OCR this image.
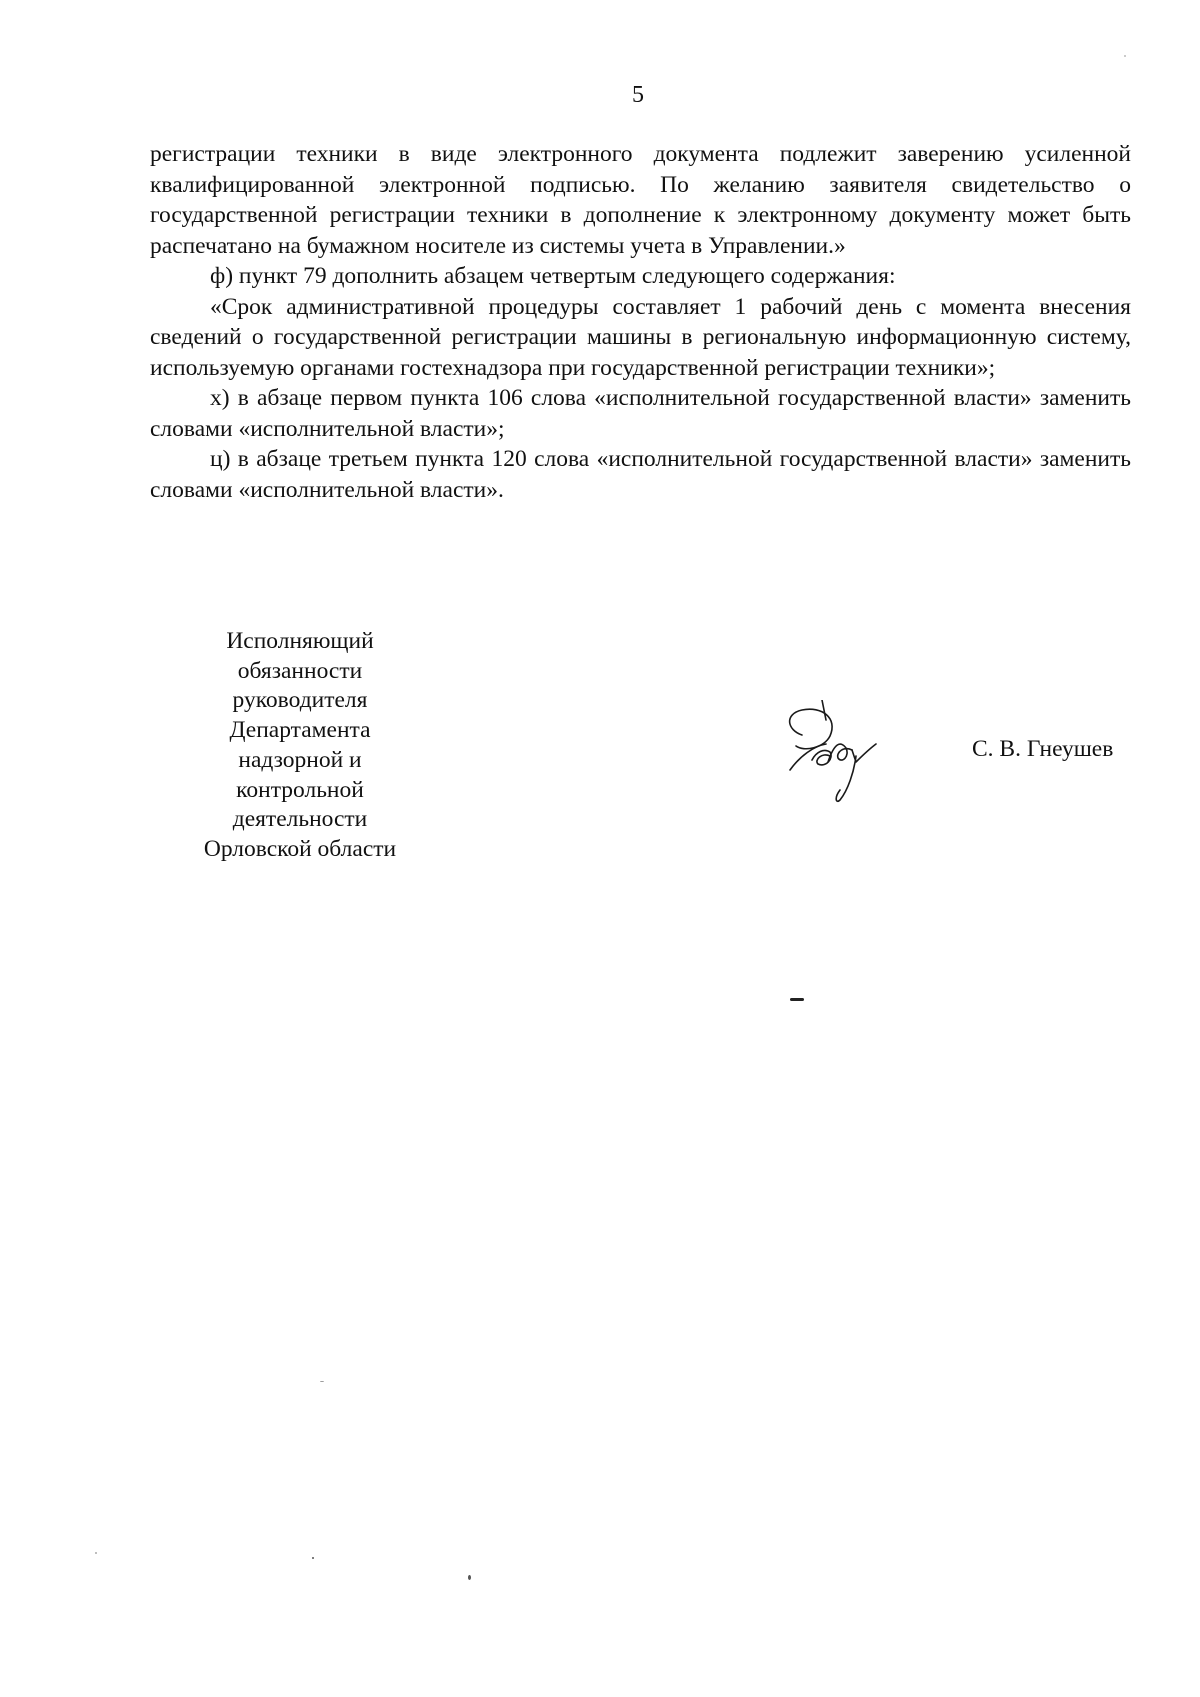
5

регистрации техники в виде электронного документа подлежит заверению усиленной квалифицированной электронной подписью. По желанию заявителя свидетельство о государственной регистрации техники в дополнение к электронному документу может быть распечатано на бумажном носителе из системы учета в Управлении.»

ф) пункт 79 дополнить абзацем четвертым следующего содержания:

«Срок административной процедуры составляет 1 рабочий день с момента внесения сведений о государственной регистрации машины в региональную информационную систему, используемую органами гостехнадзора при государственной регистрации техники»;

х) в абзаце первом пункта 106 слова «исполнительной государственной власти» заменить словами «исполнительной власти»;

ц) в абзаце третьем пункта 120 слова «исполнительной государственной власти» заменить словами «исполнительной власти».

Исполняющий
обязанности
руководителя
Департамента
надзорной и
контрольной
деятельности
Орловской области
С. В. Гнеушев
